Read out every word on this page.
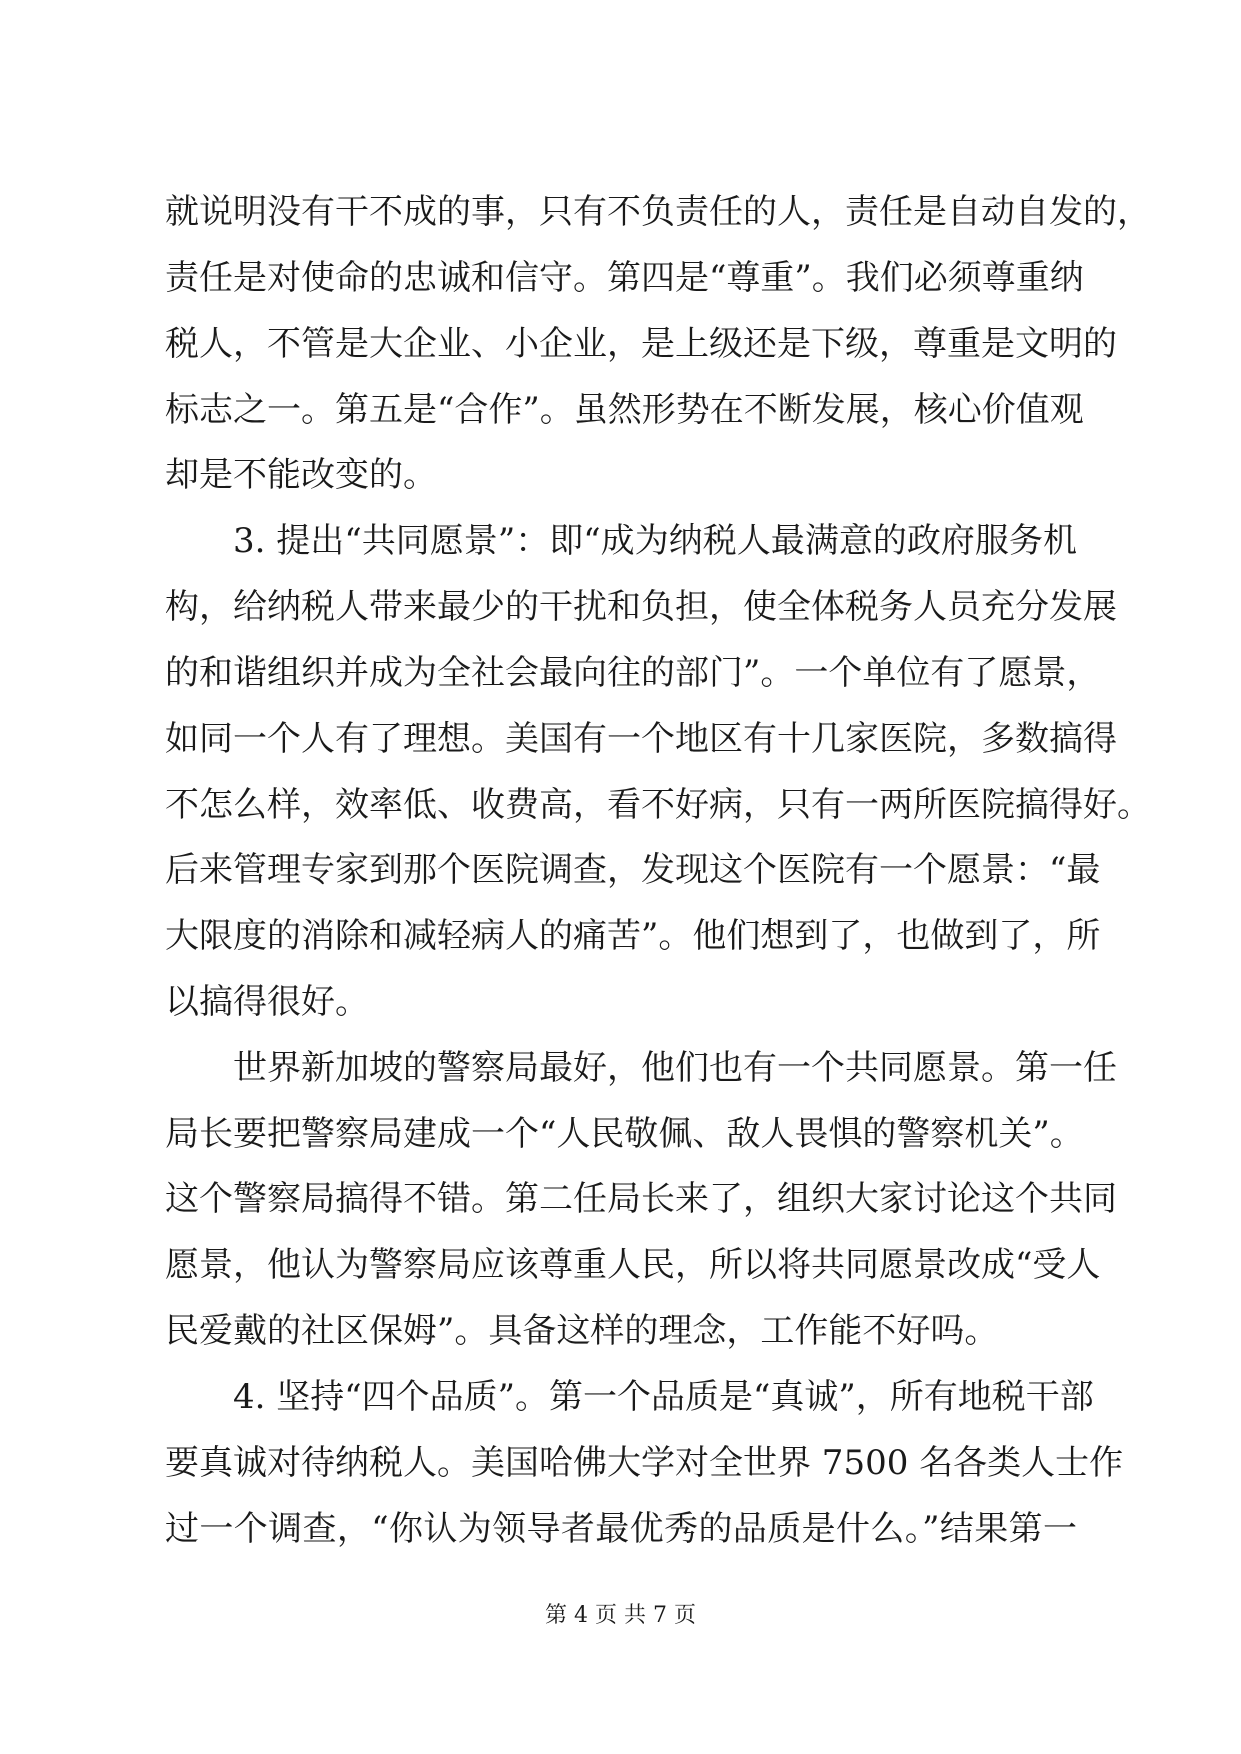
就说明没有干不成的事，只有不负责任的人，责任是自动自发的，
责任是对使命的忠诚和信守。第四是“尊重”。我们必须尊重纳
税人，不管是大企业、小企业，是上级还是下级，尊重是文明的
标志之一。第五是“合作”。虽然形势在不断发展，核心价值观
却是不能改变的。
3. 提出“共同愿景”：即“成为纳税人最满意的政府服务机
构，给纳税人带来最少的干扰和负担，使全体税务人员充分发展
的和谐组织并成为全社会最向往的部门”。一个单位有了愿景，
如同一个人有了理想。美国有一个地区有十几家医院，多数搞得
不怎么样，效率低、收费高，看不好病，只有一两所医院搞得好。
后来管理专家到那个医院调查，发现这个医院有一个愿景：“最
大限度的消除和减轻病人的痛苦”。他们想到了，也做到了，所
以搞得很好。
世界新加坡的警察局最好，他们也有一个共同愿景。第一任
局长要把警察局建成一个“人民敬佩、敌人畏惧的警察机关”。
这个警察局搞得不错。第二任局长来了，组织大家讨论这个共同
愿景，他认为警察局应该尊重人民，所以将共同愿景改成“受人
民爱戴的社区保姆”。具备这样的理念，工作能不好吗。
4. 坚持“四个品质”。第一个品质是“真诚”，所有地税干部
要真诚对待纳税人。美国哈佛大学对全世界 7500 名各类人士作
过一个调查，“你认为领导者最优秀的品质是什么。”结果第一
第 4 页 共 7 页
